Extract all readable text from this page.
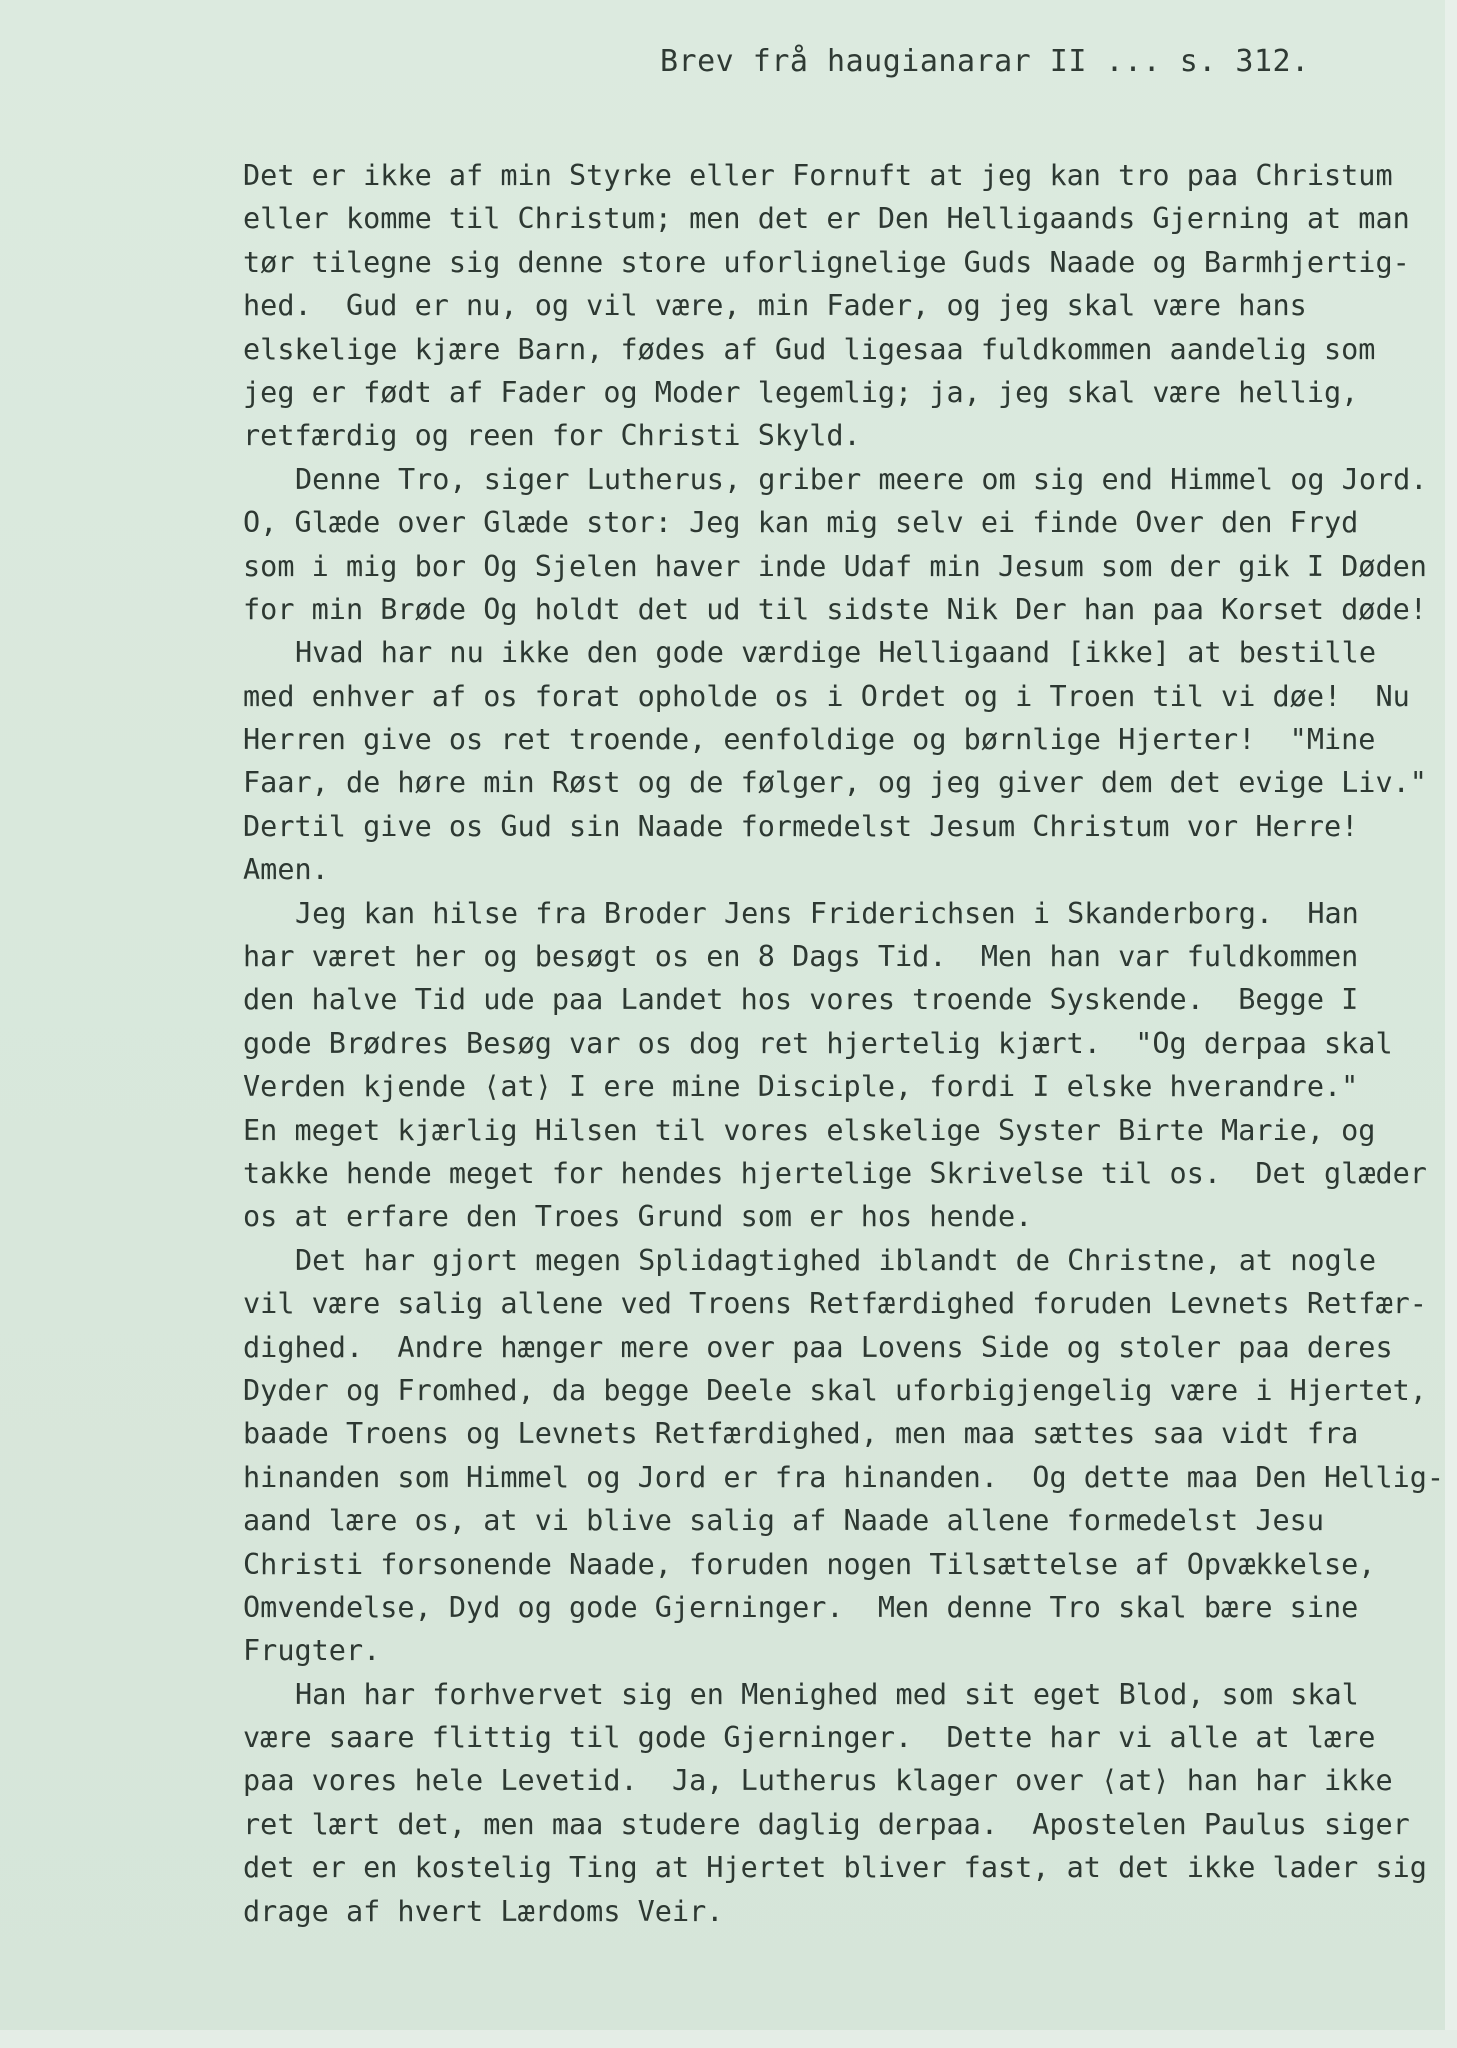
Brev frå haugianarar II ... s. 312.
Det er ikke af min Styrke eller Fornuft at jeg kan tro paa Christum
eller komme til Christum; men det er Den Helligaands Gjerning at man
tør tilegne sig denne store uforlignelige Guds Naade og Barmhjertig-
hed.  Gud er nu, og vil være, min Fader, og jeg skal være hans
elskelige kjære Barn, fødes af Gud ligesaa fuldkommen aandelig som
jeg er født af Fader og Moder legemlig; ja, jeg skal være hellig,
retfærdig og reen for Christi Skyld.
Denne Tro, siger Lutherus, griber meere om sig end Himmel og Jord.
O, Glæde over Glæde stor: Jeg kan mig selv ei finde Over den Fryd
som i mig bor Og Sjelen haver inde Udaf min Jesum som der gik I Døden
for min Brøde Og holdt det ud til sidste Nik Der han paa Korset døde!
Hvad har nu ikke den gode værdige Helligaand [ikke] at bestille
med enhver af os forat opholde os i Ordet og i Troen til vi døe!  Nu
Herren give os ret troende, eenfoldige og børnlige Hjerter!  "Mine
Faar, de høre min Røst og de følger, og jeg giver dem det evige Liv."
Dertil give os Gud sin Naade formedelst Jesum Christum vor Herre!
Amen.
Jeg kan hilse fra Broder Jens Friderichsen i Skanderborg.  Han
har været her og besøgt os en 8 Dags Tid.  Men han var fuldkommen
den halve Tid ude paa Landet hos vores troende Syskende.  Begge I
gode Brødres Besøg var os dog ret hjertelig kjært.  "Og derpaa skal
Verden kjende ⟨at⟩ I ere mine Disciple, fordi I elske hverandre."
En meget kjærlig Hilsen til vores elskelige Syster Birte Marie, og
takke hende meget for hendes hjertelige Skrivelse til os.  Det glæder
os at erfare den Troes Grund som er hos hende.
Det har gjort megen Splidagtighed iblandt de Christne, at nogle
vil være salig allene ved Troens Retfærdighed foruden Levnets Retfær-
dighed.  Andre hænger mere over paa Lovens Side og stoler paa deres
Dyder og Fromhed, da begge Deele skal uforbigjengelig være i Hjertet,
baade Troens og Levnets Retfærdighed, men maa sættes saa vidt fra
hinanden som Himmel og Jord er fra hinanden.  Og dette maa Den Hellig-
aand lære os, at vi blive salig af Naade allene formedelst Jesu
Christi forsonende Naade, foruden nogen Tilsættelse af Opvækkelse,
Omvendelse, Dyd og gode Gjerninger.  Men denne Tro skal bære sine
Frugter.
Han har forhvervet sig en Menighed med sit eget Blod, som skal
være saare flittig til gode Gjerninger.  Dette har vi alle at lære
paa vores hele Levetid.  Ja, Lutherus klager over ⟨at⟩ han har ikke
ret lært det, men maa studere daglig derpaa.  Apostelen Paulus siger
det er en kostelig Ting at Hjertet bliver fast, at det ikke lader sig
drage af hvert Lærdoms Veir.
